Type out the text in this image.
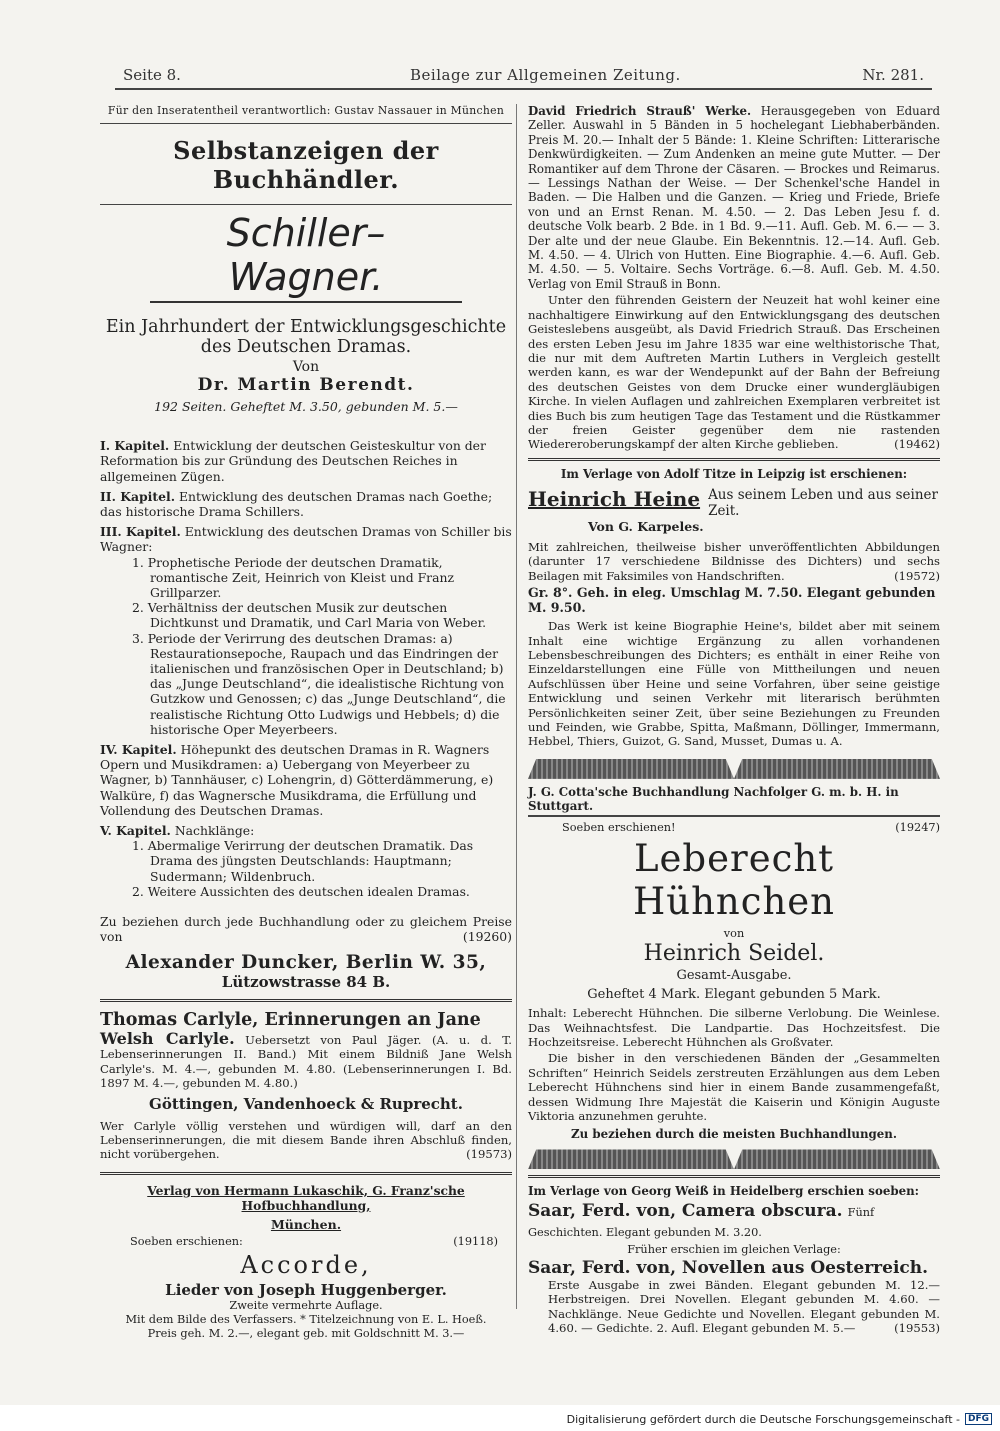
Seite 8.	Beilage zur Allgemeinen Zeitung.	Nr. 281.
Für den Inseratentheil verantwortlich: Gustav Nassauer in München
Selbstanzeigen der Buchhändler.
Schiller–Wagner.
Ein Jahrhundert der Entwicklungsgeschichte
des Deutschen Dramas.
Von
Dr. Martin Berendt.
192 Seiten. Geheftet M. 3.50, gebunden M. 5.—
I. Kapitel. Entwicklung der deutschen Geisteskultur von der Reformation bis zur Gründung des Deutschen Reiches in allgemeinen Zügen.
II. Kapitel. Entwicklung des deutschen Dramas nach Goethe; das historische Drama Schillers.
III. Kapitel. Entwicklung des deutschen Dramas von Schiller bis Wagner:
1. Prophetische Periode der deutschen Dramatik, romantische Zeit, Heinrich von Kleist und Franz Grillparzer.
2. Verhältniss der deutschen Musik zur deutschen Dichtkunst und Dramatik, und Carl Maria von Weber.
3. Periode der Verirrung des deutschen Dramas: a) Restaurationsepoche, Raupach und das Eindringen der italienischen und französischen Oper in Deutschland; b) das „Junge Deutschland“, die idealistische Richtung von Gutzkow und Genossen; c) das „Junge Deutschland“, die realistische Richtung Otto Ludwigs und Hebbels; d) die historische Oper Meyerbeers.
IV. Kapitel. Höhepunkt des deutschen Dramas in R. Wagners Opern und Musikdramen: a) Uebergang von Meyerbeer zu Wagner, b) Tannhäuser, c) Lohengrin, d) Götterdämmerung, e) Walküre, f) das Wagnersche Musikdrama, die Erfüllung und Vollendung des Deutschen Dramas.
V. Kapitel. Nachklänge:
1. Abermalige Verirrung der deutschen Dramatik. Das Drama des jüngsten Deutschlands: Hauptmann; Sudermann; Wildenbruch.
2. Weitere Aussichten des deutschen idealen Dramas.
Zu beziehen durch jede Buchhandlung oder zu gleichem Preise von	(19260)
Alexander Duncker, Berlin W. 35,
Lützowstrasse 84 B.
Thomas Carlyle, Erinnerungen an Jane
Welsh Carlyle. Uebersetzt von Paul Jäger. (A. u. d. T. Lebenserinnerungen II. Band.) Mit einem Bildniß Jane Welsh Carlyle's. M. 4.—, gebunden M. 4.80. (Lebenserinnerungen I. Bd. 1897 M. 4.—, gebunden M. 4.80.)
Göttingen, Vandenhoeck & Ruprecht.
Wer Carlyle völlig verstehen und würdigen will, darf an den Lebenserinnerungen, die mit diesem Bande ihren Abschluß finden, nicht vorübergehen.	(19573)
Verlag von Hermann Lukaschik, G. Franz'sche Hofbuchhandlung,
München.
Soeben erschienen:	(19118)
Accorde,
Lieder von Joseph Huggenberger.
Zweite vermehrte Auflage.
Mit dem Bilde des Verfassers. * Titelzeichnung von E. L. Hoeß.
Preis geh. M. 2.—, elegant geb. mit Goldschnitt M. 3.—
David Friedrich Strauß' Werke. Herausgegeben von Eduard Zeller. Auswahl in 5 Bänden in 5 hochelegant Liebhaberbänden. Preis M. 20.— Inhalt der 5 Bände: 1. Kleine Schriften: Litterarische Denkwürdigkeiten. — Zum Andenken an meine gute Mutter. — Der Romantiker auf dem Throne der Cäsaren. — Brockes und Reimarus. — Lessings Nathan der Weise. — Der Schenkel'sche Handel in Baden. — Die Halben und die Ganzen. — Krieg und Friede, Briefe von und an Ernst Renan. M. 4.50. — 2. Das Leben Jesu f. d. deutsche Volk bearb. 2 Bde. in 1 Bd. 9.—11. Aufl. Geb. M. 6.— — 3. Der alte und der neue Glaube. Ein Bekenntnis. 12.—14. Aufl. Geb. M. 4.50. — 4. Ulrich von Hutten. Eine Biographie. 4.—6. Aufl. Geb. M. 4.50. — 5. Voltaire. Sechs Vorträge. 6.—8. Aufl. Geb. M. 4.50. Verlag von Emil Strauß in Bonn.
Unter den führenden Geistern der Neuzeit hat wohl keiner eine nachhaltigere Einwirkung auf den Entwicklungsgang des deutschen Geisteslebens ausgeübt, als David Friedrich Strauß. Das Erscheinen des ersten Leben Jesu im Jahre 1835 war eine welthistorische That, die nur mit dem Auftreten Martin Luthers in Vergleich gestellt werden kann, es war der Wendepunkt auf der Bahn der Befreiung des deutschen Geistes von dem Drucke einer wundergläubigen Kirche. In vielen Auflagen und zahlreichen Exemplaren verbreitet ist dies Buch bis zum heutigen Tage das Testament und die Rüstkammer der freien Geister gegenüber dem nie rastenden Wiedereroberungskampf der alten Kirche geblieben.	(19462)
Im Verlage von Adolf Titze in Leipzig ist erschienen:
Heinrich Heine Aus seinem Leben und aus seiner Zeit.
Von G. Karpeles.
Mit zahlreichen, theilweise bisher unveröffentlichten Abbildungen (darunter 17 verschiedene Bildnisse des Dichters) und sechs Beilagen mit Faksimiles von Handschriften.	(19572)
Gr. 8°. Geh. in eleg. Umschlag M. 7.50. Elegant gebunden M. 9.50.
Das Werk ist keine Biographie Heine's, bildet aber mit seinem Inhalt eine wichtige Ergänzung zu allen vorhandenen Lebensbeschreibungen des Dichters; es enthält in einer Reihe von Einzeldarstellungen eine Fülle von Mittheilungen und neuen Aufschlüssen über Heine und seine Vorfahren, über seine geistige Entwicklung und seinen Verkehr mit literarisch berühmten Persönlichkeiten seiner Zeit, über seine Beziehungen zu Freunden und Feinden, wie Grabbe, Spitta, Maßmann, Döllinger, Immermann, Hebbel, Thiers, Guizot, G. Sand, Musset, Dumas u. A.
J. G. Cotta'sche Buchhandlung Nachfolger G. m. b. H. in Stuttgart.
Soeben erschienen!	(19247)
Leberecht Hühnchen
von
Heinrich Seidel.
Gesamt-Ausgabe.
Geheftet 4 Mark. Elegant gebunden 5 Mark.
Inhalt: Leberecht Hühnchen. Die silberne Verlobung. Die Weinlese. Das Weihnachtsfest. Die Landpartie. Das Hochzeitsfest. Die Hochzeitsreise. Leberecht Hühnchen als Großvater.
Die bisher in den verschiedenen Bänden der „Gesammelten Schriften“ Heinrich Seidels zerstreuten Erzählungen aus dem Leben Leberecht Hühnchens sind hier in einem Bande zusammengefaßt, dessen Widmung Ihre Majestät die Kaiserin und Königin Auguste Viktoria anzunehmen geruhte.
Zu beziehen durch die meisten Buchhandlungen.
Im Verlage von Georg Weiß in Heidelberg erschien soeben:
Saar, Ferd. von, Camera obscura. Fünf Geschichten. Elegant gebunden M. 3.20.
Früher erschien im gleichen Verlage:
Saar, Ferd. von, Novellen aus Oesterreich.
Erste Ausgabe in zwei Bänden. Elegant gebunden M. 12.— Herbstreigen. Drei Novellen. Elegant gebunden M. 4.60. — Nachklänge. Neue Gedichte und Novellen. Elegant gebunden M. 4.60. — Gedichte. 2. Aufl. Elegant gebunden M. 5.—	(19553)
Digitalisierung gefördert durch die Deutsche Forschungsgemeinschaft - DFG
